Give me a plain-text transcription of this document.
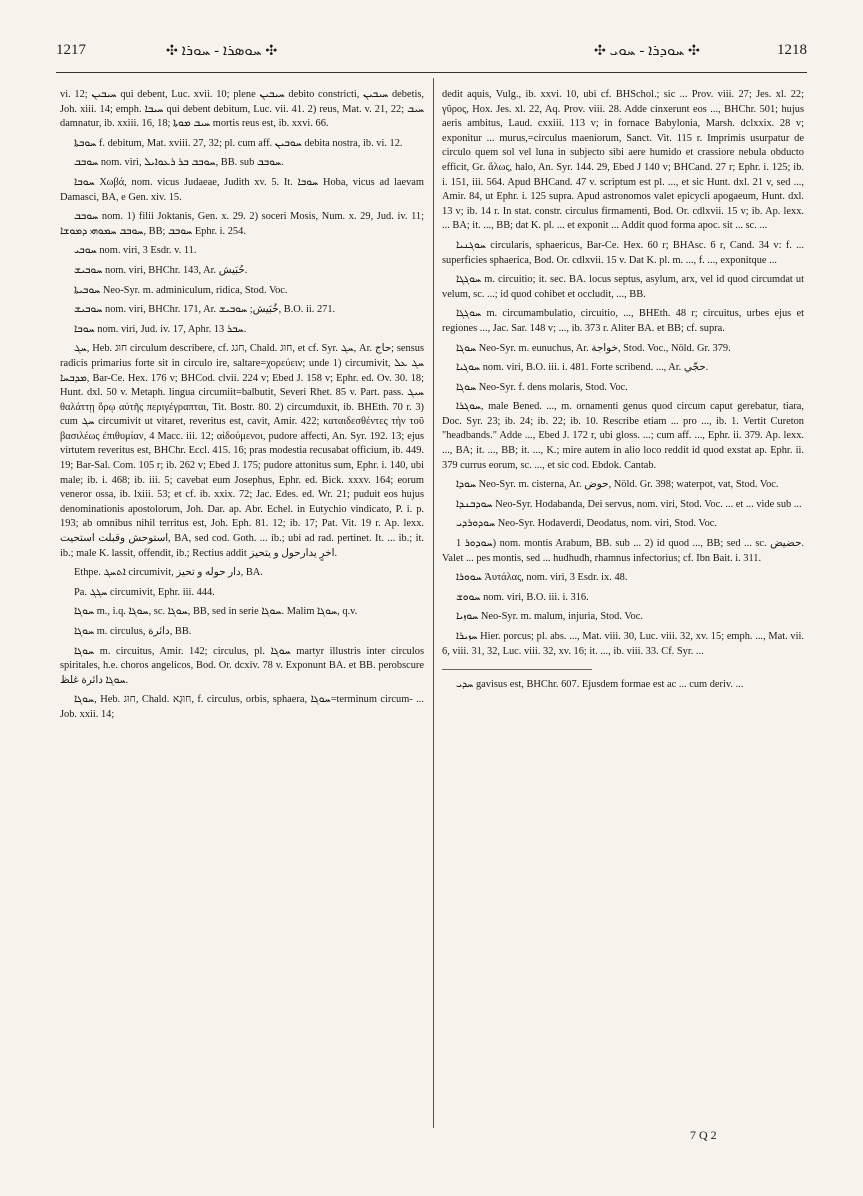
1217	✣ ܚܘܣܪܐ - ܚܘܪܐ ✣	✣ ܚܘܕܪܐ - ܚܘܝ ✣	1218

vi. 12; ܚܝܒܝܢ qui debent, Luc. xvii. 10; plene ܚܝܒܝܢ debito constricti, ܚܝܒܝܢ debetis, Joh. xiii. 14; emph. ܚܝܒܐ qui debent debitum, Luc. vii. 41. 2) reus, Mat. v. 21, 22; ܚܝܒ damnatur, ib. xxiii. 16, 18; ܚܝܒ ܡܘܬܐ mortis reus est, ib. xxvi. 66.

ܚܘܒܬܐ f. debitum, Mat. xviii. 27, 32; pl. cum aff. ܚܘܒܝܢ debita nostra, ib. vi. 12.

ܚܘܒܒ nom. viri, ܚܘܒܒ ܒܪ ܪܥܘܐܝܠ, BB. sub ܚܘܒܒ.

ܚܘܒܐ Χωβά, nom. vicus Judaeae, Judith xv. 5. It. ܚܘܒܐ Hoba, vicus ad laevam Damasci, BA, e Gen. xiv. 15.

ܚܘܒܒ nom. 1) filii Joktanis, Gen. x. 29. 2) soceri Mosis, Num. x. 29, Jud. iv. 11; ܚܘܒܒ ܚܡܘܗܝ ܕܡܘܫܐ, BB; ܚܘܒܒ Ephr. i. 254.

ܚܘܒܝ nom. viri, 3 Esdr. v. 11.

ܚܘܒܝܫ nom. viri, BHChr. 143, Ar. حُبَيش.

ܚܘܒܝܬܐ Neo-Syr. m. adminiculum, ridica, Stod. Voc.

ܚܘܒܝܫ nom. viri, BHChr. 171, Ar. خُبَيش; ܚܘܒܝܫ, B.O. ii. 271.

ܚܘܒܐ nom. viri, Jud. iv. 17, Aphr. ܚܒܪ 13.

ܚܓ, Heb. חוּג circulum describere, cf. חגג, Chald. חוּג, et cf. Syr. ܚܓ, Ar. حاج; sensus radicis primarius forte sit in circulo ire, saltare=χορεύειν; unde 1) circumivit, ܚܓ ܥܠ ܡܕܒܚܐ, Bar-Ce. Hex. 176 v; BHCod. clvii. 224 v; Ebed J. 158 v; Ephr. ed. Ov. 30. 18; Hunt. dxl. 50 v. Metaph. lingua circumiit=balbutit, Severi Rhet. 85 v. Part. pass. ܚܝܓ θαλάττῃ ὅρῳ αὐτῆς περιγέγραπται, Tit. Bostr. 80. 2) circumduxit, ib. BHEth. 70 r. 3) cum ܚܓ circumivit ut vitaret, reveritus est, cavit, Amir. 422; καταιδεσθέντες τὴν τοῦ βασιλέως ἐπιθυμίαν, 4 Macc. iii. 12; αἰδούμενοι, pudore affecti, An. Syr. 192. 13; ejus virtutem reveritus est, BHChr. Eccl. 415. 16; pras modestia recusabat officium, ib. 449. 19; Bar-Sal. Com. 105 r; ib. 262 v; Ebed J. 175; pudore attonitus sum, Ephr. i. 140, ubi male; ib. i. 468; ib. iii. 5; cavebat eum Josephus, Ephr. ed. Bick. xxxv. 164; eorum veneror ossa, ib. lxiii. 53; et cf. ib. xxix. 72; Jac. Edes. ed. Wr. 21; puduit eos hujus denominationis apostolorum, Joh. Dar. ap. Abr. Echel. in Eutychio vindicato, P. i. p. 193; ab omnibus nihil territus est, Joh. Eph. 81. 12; ib. 17; Pat. Vit. 19 r. Ap. lexx. استوحش وقبلت استحيت, BA, sed cod. Goth. ... ib.; ubi ad rad. pertinet. It. ... ib.; it. ib.; male K. lassit, offendit, ib.; Rectius addit اخرٍ يدارحول و يتحيز.

Ethpe. ܐܬܚܓ circumivit, دار حوله و تحيز, BA.

Pa. ܚܓܓ circumivit, Ephr. iii. 444.

ܚܘܓܐ m., i.q. ܚܘܓܐ, sc. ܚܘܓܐ, BB, sed in serie ܚܘܓܐ. Malim ܚܘܓܐ, q.v.

ܚܘܓܐ m. circulus, دائرة, BB.

ܚܘܓܐ m. circuitus, Amir. 142; circulus, pl. ܚܘܓܐ martyr illustris inter circulos spiritales, h.e. choros angelicos, Bod. Or. dcxiv. 78 v. Exponunt BA. et BB. perobscure ܚܘܓܐ دائرة غلظ.

ܚܘܓܐ, Heb. חוּג, Chald. חוּגָא, f. circulus, orbis, sphaera, ܚܘܓܐ=terminum circum- ... Job. xxii. 14;

dedit aquis, Vulg., ib. xxvi. 10, ubi cf. BHSchol.; sic ... Prov. viii. 27; Jes. xl. 22; γῦρος, Hox. Jes. xl. 22, Aq. Prov. viii. 28. Adde cinxerunt eos ..., BHChr. 501; hujus aeris ambitus, Laud. cxxiii. 113 v; in fornace Babylonia, Marsh. dclxxix. 28 v; exponitur ... murus,=circulus maeniorum, Sanct. Vit. 115 r. Imprimis usurpatur de circulo quem sol vel luna in subjecto sibi aere humido et crassiore nebula obducto efficit, Gr. ἅλως, halo, An. Syr. 144. 29, Ebed J 140 v; BHCand. 27 r; Ephr. i. 125; ib. i. 151, iii. 564. Apud BHCand. 47 v. scriptum est pl. ..., et sic Hunt. dxl. 21 v, sed ..., Amir. 84, ut Ephr. i. 125 supra. Apud astronomos valet epicycli apogaeum, Hunt. dxl. 13 v; ib. 14 r. In stat. constr. circulus firmamenti, Bod. Or. cdlxvii. 15 v; ib. Ap. lexx. ... BA; it. ..., BB; dat K. pl. ... et exponit ... Addit quod forma apoc. sit ... sc. ...

ܚܘܓܢܝܐ circularis, sphaericus, Bar-Ce. Hex. 60 r; BHAsc. 6 r, Cand. 34 v: f. ... superficies sphaerica, Bod. Or. cdlxvii. 15 v. Dat K. pl. m. ..., f. ..., exponitque ...

ܚܘܓܓܐ m. circuitio; it. sec. BA. locus septus, asylum, arx, vel id quod circumdat ut velum, sc. ...; id quod cohibet et occludit, ..., BB.

ܚܘܓܓܐ m. circumambulatio, circuitio, ..., BHEth. 48 r; circuitus, urbes ejus et regiones ..., Jac. Sar. 148 v; ..., ib. 373 r. Aliter BA. et BB; cf. supra.

ܚܘܓܐ Neo-Syr. m. eunuchus, Ar. خواجة, Stod. Voc., Nöld. Gr. 379.

ܚܘܓܝܐ nom. viri, B.O. iii. i. 481. Forte scribend. ..., Ar. حجّي.

ܚܘܓܐ Neo-Syr. f. dens molaris, Stod. Voc.

ܚܘܓܪܐ, male Bened. ..., m. ornamenti genus quod circum caput gerebatur, tiara, Doc. Syr. 23; ib. 24; ib. 22; ib. 10. Rescribe etiam ... pro ..., ib. 1. Vertit Cureton "headbands." Adde ..., Ebed J. 172 r, ubi gloss. ...; cum aff. ..., Ephr. ii. 379. Ap. lexx. ..., BA; it. ..., BB; it. ..., K.; mire autem in alio loco reddit id quod exstat ap. Ephr. ii. 379 currus eorum, sc. ..., et sic cod. Ebdok. Cantab.

ܚܘܕܐ Neo-Syr. m. cisterna, Ar. حوض, Nöld. Gr. 398; waterpot, vat, Stod. Voc.

ܚܘܕܒܢܕܐ Neo-Syr. Hodabanda, Dei servus, nom. viri, Stod. Voc. ... et ... vide sub ...

ܚܘܕܘܪܕܝ Neo-Syr. Hodaverdi, Deodatus, nom. viri, Stod. Voc.

ܚܘܕܘܪ 1) nom. montis Arabum, BB. sub ... 2) id quod ..., BB; sed ... sc. حضيض. Valet ... pes montis, sed ... hudhudh, rhamnus infectorius; cf. Ibn Bait. i. 311.

ܚܘܘܪܐ Ἀυτάλας, nom. viri, 3 Esdr. ix. 48.

ܚܘܘܫ nom. viri, B.O. iii. i. 316.

ܚܘܙܝܐ Neo-Syr. m. malum, injuria, Stod. Voc.

ܚܙܝܪܐ Hier. porcus; pl. abs. ..., Mat. viii. 30, Luc. viii. 32, xv. 15; emph. ..., Mat. vii. 6, viii. 31, 32, Luc. viii. 32, xv. 16; it. ..., ib. viii. 33. Cf. Syr. ...

ܚܕܝ gavisus est, BHChr. 607. Ejusdem formae est ac ... cum deriv. ...

7 Q 2
